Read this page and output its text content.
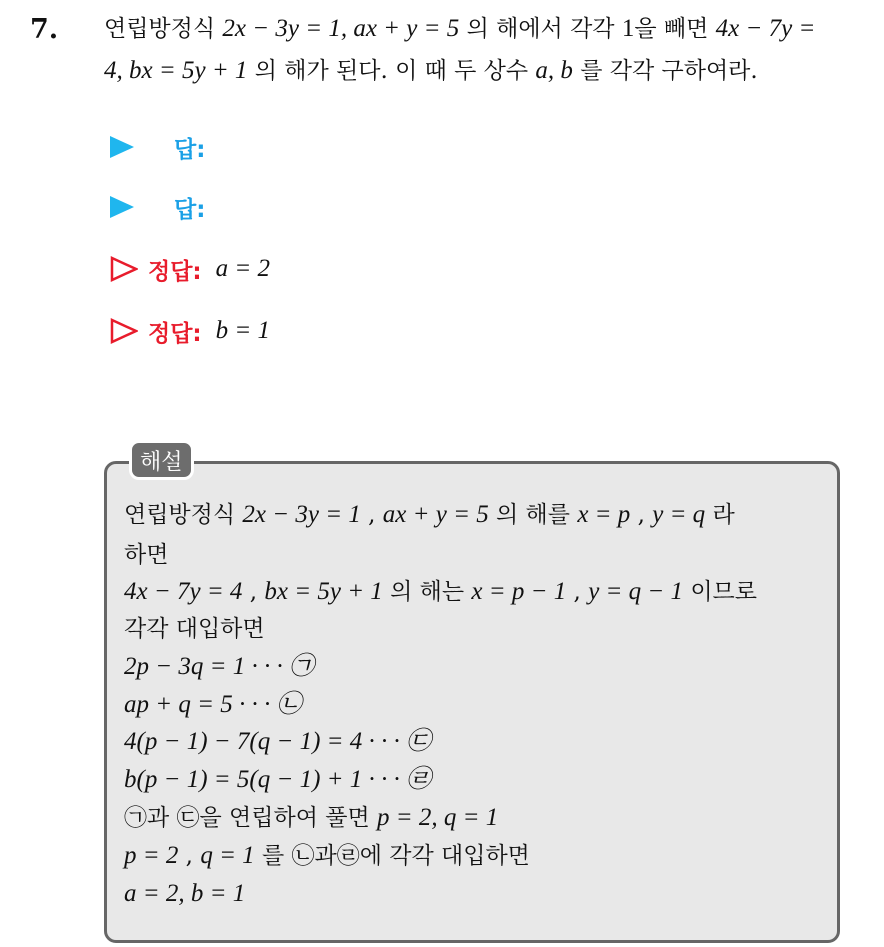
7. 연립방정식 2x − 3y = 1, ax + y = 5 의 해에서 각각 1을 빼면 4x − 7y =
4, bx = 5y + 1 의 해가 된다. 이 때 두 상수 a, b 를 각각 구하여라.
답:
답:
정답: a = 2
정답: b = 1
해설
연립방정식 2x − 3y = 1 , ax + y = 5 의 해를 x = p , y = q 라
하면
4x − 7y = 4 , bx = 5y + 1 의 해는 x = p − 1 , y = q − 1 이므로
각각 대입하면
2p − 3q = 1 · · · ㉠
ap + q = 5 · · · ㉡
4(p − 1) − 7(q − 1) = 4 · · · ㉢
b(p − 1) = 5(q − 1) + 1 · · · ㉣
㉠과 ㉢을 연립하여 풀면 p = 2, q = 1
p = 2 , q = 1 를 ㉡과㉣에 각각 대입하면
a = 2, b = 1
